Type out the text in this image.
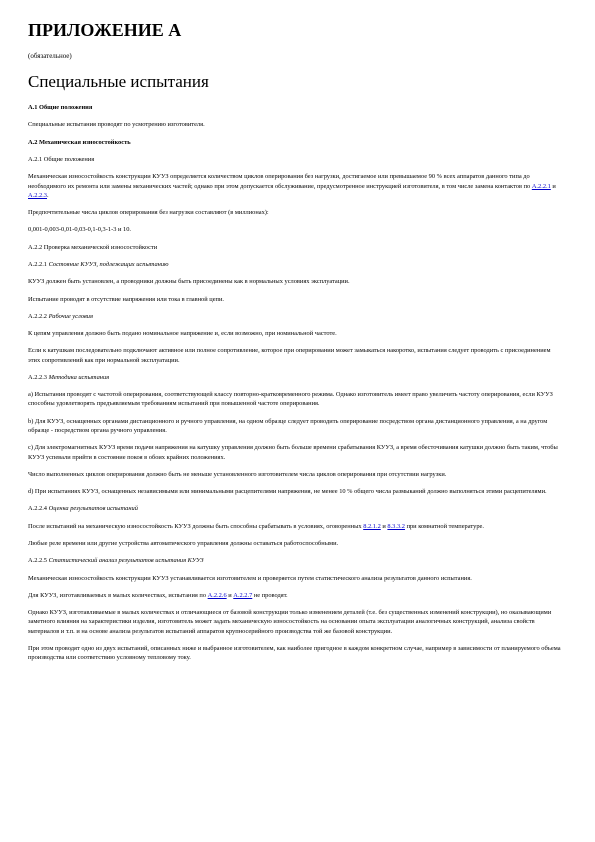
ПРИЛОЖЕНИЕ А
(обязательное)
Специальные испытания

А.1 Общие положения

Специальные испытания проводят по усмотрению изготовителя.

А.2 Механическая износостойкость

А.2.1 Общие положения

Механическая износостойкость конструкции КУУЗ определяется количеством циклов оперирования без нагрузки, достигаемое или превышаемое 90 % всех аппаратов данного типа до необходимого их ремонта или замены механических частей; однако при этом допускается обслуживание, предусмотренное инструкцией изготовителя, в том числе замена контактов по А.2.2.1 и А.2.2.3.

Предпочтительные числа циклов оперирования без нагрузки составляют (в миллионах):

0,001-0,003-0,01-0,03-0,1-0,3-1-3 и 10.

А.2.2 Проверка механической износостойкости

А.2.2.1 Состояние КУУЗ, подлежащих испытанию

КУУЗ должен быть установлен, а проводники должны быть присоединены как в нормальных условиях эксплуатации.

Испытание проводят в отсутствие напряжения или тока в главной цепи.

А.2.2.2 Рабочие условия

К цепям управления должно быть подано номинальное напряжение и, если возможно, при номинальной частоте.

Если к катушкам последовательно подключают активное или полное сопротивление, которое при оперировании может замыкаться накоротко, испытания следует проводить с присоединением этих сопротивлений как при нормальной эксплуатации.

А.2.2.3 Методика испытания

а) Испытания проводят с частотой оперирования, соответствующей классу повторно-кратковременного режима. Однако изготовитель имеет право увеличить частоту оперирования, если КУУЗ способны удовлетворять предъявляемым требованиям испытаний при повышенной частоте оперирования.

b) Для КУУЗ, оснащенных органами дистанционного и ручного управления, на одном образце следует проводить оперирование посредством органа дистанционного управления, а на другом образце - посредством органа ручного управления.

c) Для электромагнитных КУУЗ время подачи напряжения на катушку управления должно быть больше времени срабатывания КУУЗ, а время обесточивания катушки должно быть таким, чтобы КУУЗ успевали прийти в состояние покоя в обоих крайних положениях.

Число выполненных циклов оперирования должно быть не меньше установленного изготовителем числа циклов оперирования при отсутствии нагрузки.

d) При испытаниях КУУЗ, оснащенных независимыми или минимальными расцепителями напряжения, не менее 10 % общего числа размыканий должно выполняться этими расцепителями.

А.2.2.4 Оценка результатов испытаний

После испытаний на механическую износостойкость КУУЗ должны быть способны срабатывать в условиях, оговоренных 8.2.1.2 и 8.3.3.2 при комнатной температуре.

Любые реле времени или другие устройства автоматического управления должны оставаться работоспособными.

А.2.2.5 Статистический анализ результатов испытания КУУЗ

Механическая износостойкость конструкции КУУЗ устанавливается изготовителем и проверяется путем статистического анализа результатов данного испытания.

Для КУУЗ, изготавливаемых в малых количествах, испытания по А.2.2.6 и А.2.2.7 не проводят.

Однако КУУЗ, изготавливаемые в малых количествах и отличающиеся от базовой конструкции только изменением деталей (т.е. без существенных изменений конструкции), но оказывающими заметного влияния на характеристики изделия, изготовитель может задать механическую износостойкость на основании опыта эксплуатации аналогичных конструкций, анализа свойств материалов и т.п. и на основе анализа результатов испытаний аппаратов крупносерийного производства той же базовой конструкции.

При этом проводят одно из двух испытаний, описанных ниже и выбранное изготовителем, как наиболее пригодное в каждом конкретном случае, например в зависимости от планируемого объема производства или соответствию условному тепловому току.
